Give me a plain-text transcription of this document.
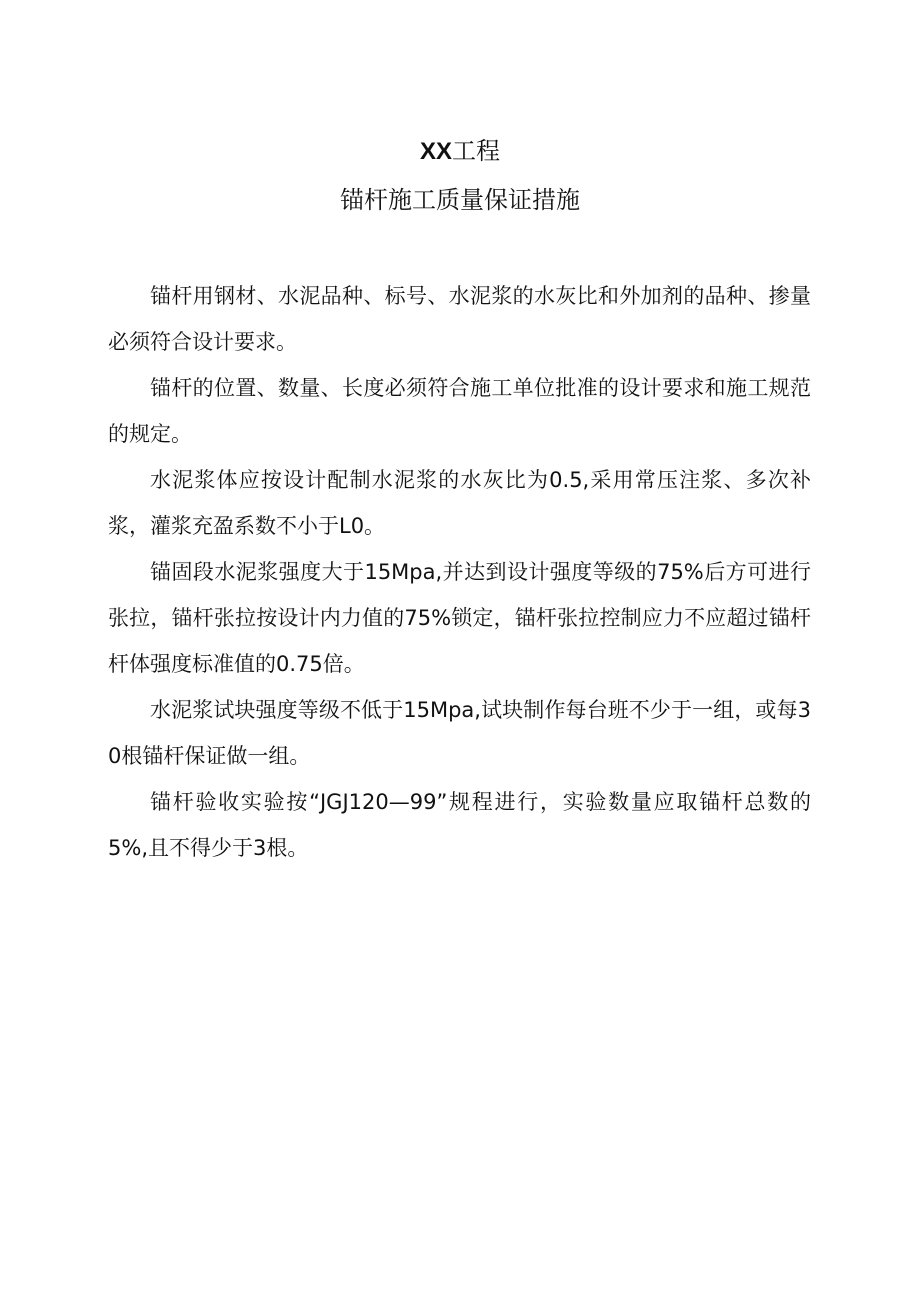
XX工程
锚杆施工质量保证措施

锚杆用钢材、水泥品种、标号、水泥浆的水灰比和外加剂的品种、掺量必须符合设计要求。

锚杆的位置、数量、长度必须符合施工单位批准的设计要求和施工规范的规定。

水泥浆体应按设计配制水泥浆的水灰比为0.5,采用常压注浆、多次补浆，灌浆充盈系数不小于L0。

锚固段水泥浆强度大于15Mpa,并达到设计强度等级的75%后方可进行张拉，锚杆张拉按设计内力值的75%锁定，锚杆张拉控制应力不应超过锚杆杆体强度标准值的0.75倍。

水泥浆试块强度等级不低于15Mpa,试块制作每台班不少于一组，或每30根锚杆保证做一组。

锚杆验收实验按“JGJ120—99”规程进行，实验数量应取锚杆总数的5%,且不得少于3根。
